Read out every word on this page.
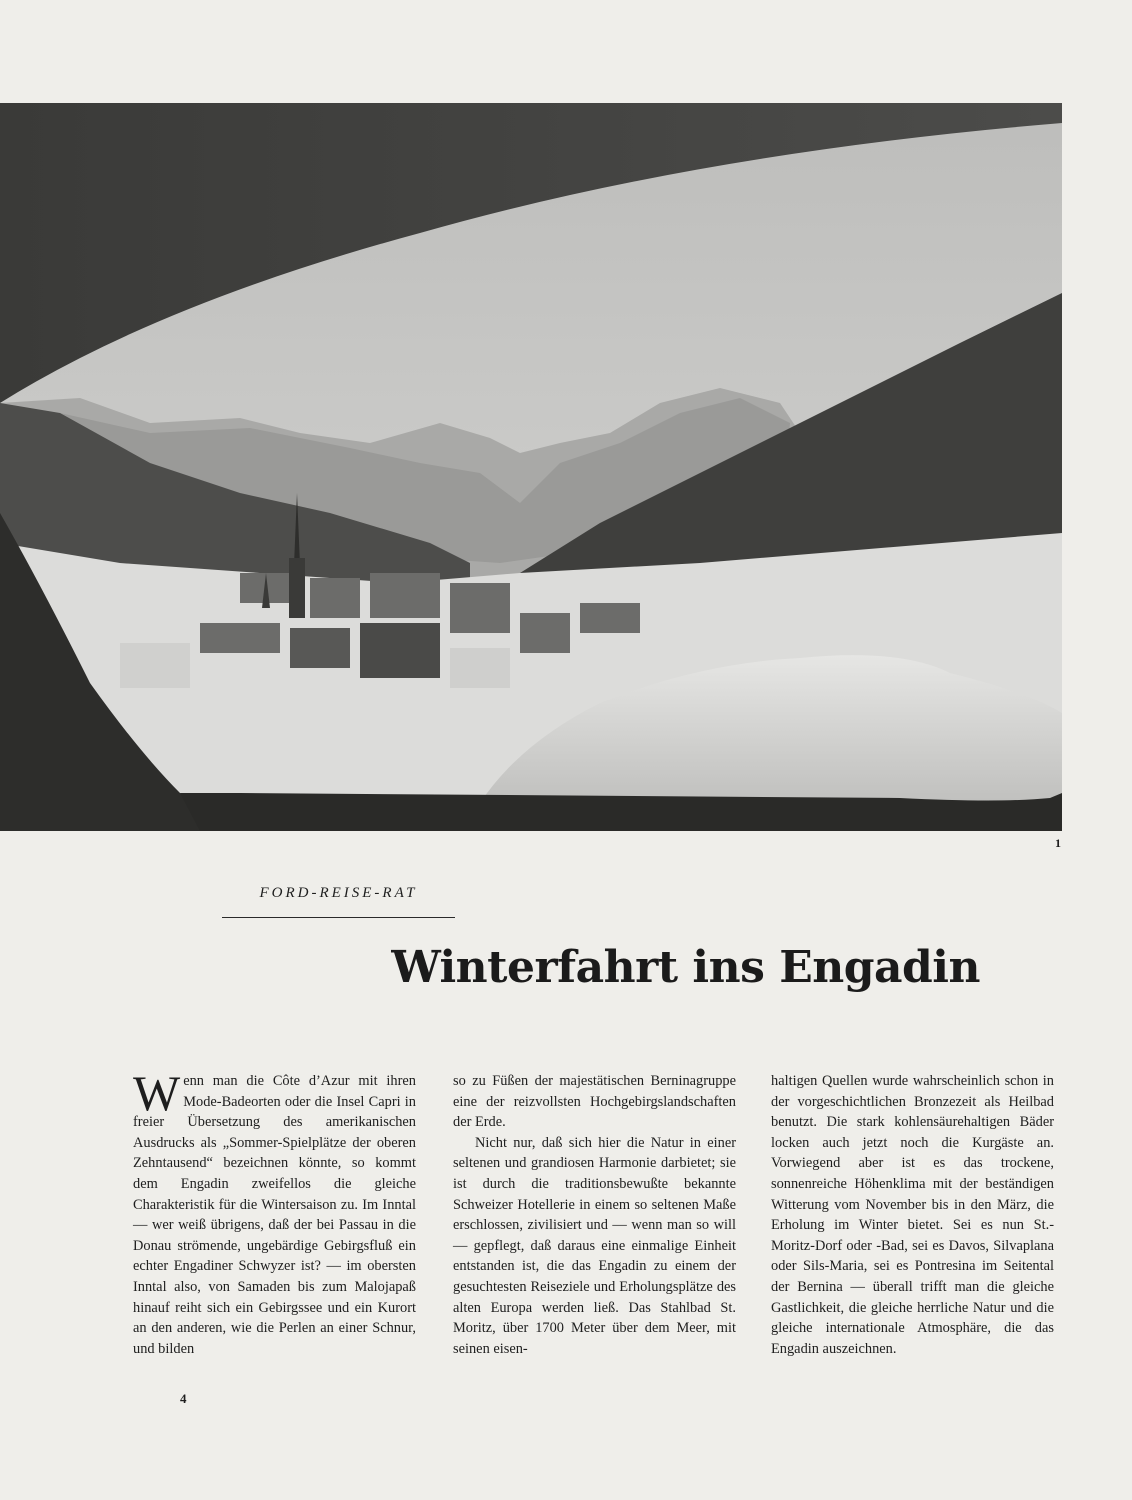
1
FORD-REISE-RAT
Winterfahrt ins Engadin

W enn man die Côte d’Azur mit ihren Mode-Badeorten oder die Insel Capri in freier Übersetzung des amerikanischen Ausdrucks als „Sommer-Spielplätze der oberen Zehntausend“ bezeichnen könnte, so kommt dem Engadin zweifellos die gleiche Charakteristik für die Wintersaison zu. Im Inntal — wer weiß übrigens, daß der bei Passau in die Donau strömende, ungebärdige Gebirgsfluß ein echter Engadiner Schwyzer ist? — im obersten Inntal also, von Samaden bis zum Malojapaß hinauf reiht sich ein Gebirgssee und ein Kurort an den anderen, wie die Perlen an einer Schnur, und bilden

so zu Füßen der majestätischen Berninagruppe eine der reizvollsten Hochgebirgslandschaften der Erde.

Nicht nur, daß sich hier die Natur in einer seltenen und grandiosen Harmonie darbietet; sie ist durch die traditionsbewußte bekannte Schweizer Hotellerie in einem so seltenen Maße erschlossen, zivilisiert und — wenn man so will — gepflegt, daß daraus eine einmalige Einheit entstanden ist, die das Engadin zu einem der gesuchtesten Reiseziele und Erholungsplätze des alten Europa werden ließ. Das Stahlbad St. Moritz, über 1700 Meter über dem Meer, mit seinen eisen-

haltigen Quellen wurde wahrscheinlich schon in der vorgeschichtlichen Bronzezeit als Heilbad benutzt. Die stark kohlensäurehaltigen Bäder locken auch jetzt noch die Kurgäste an. Vorwiegend aber ist es das trockene, sonnenreiche Höhenklima mit der beständigen Witterung vom November bis in den März, die Erholung im Winter bietet. Sei es nun St.-Moritz-Dorf oder -Bad, sei es Davos, Silvaplana oder Sils-Maria, sei es Pontresina im Seitental der Bernina — überall trifft man die gleiche Gastlichkeit, die gleiche herrliche Natur und die gleiche internationale Atmosphäre, die das Engadin auszeichnen.

4
